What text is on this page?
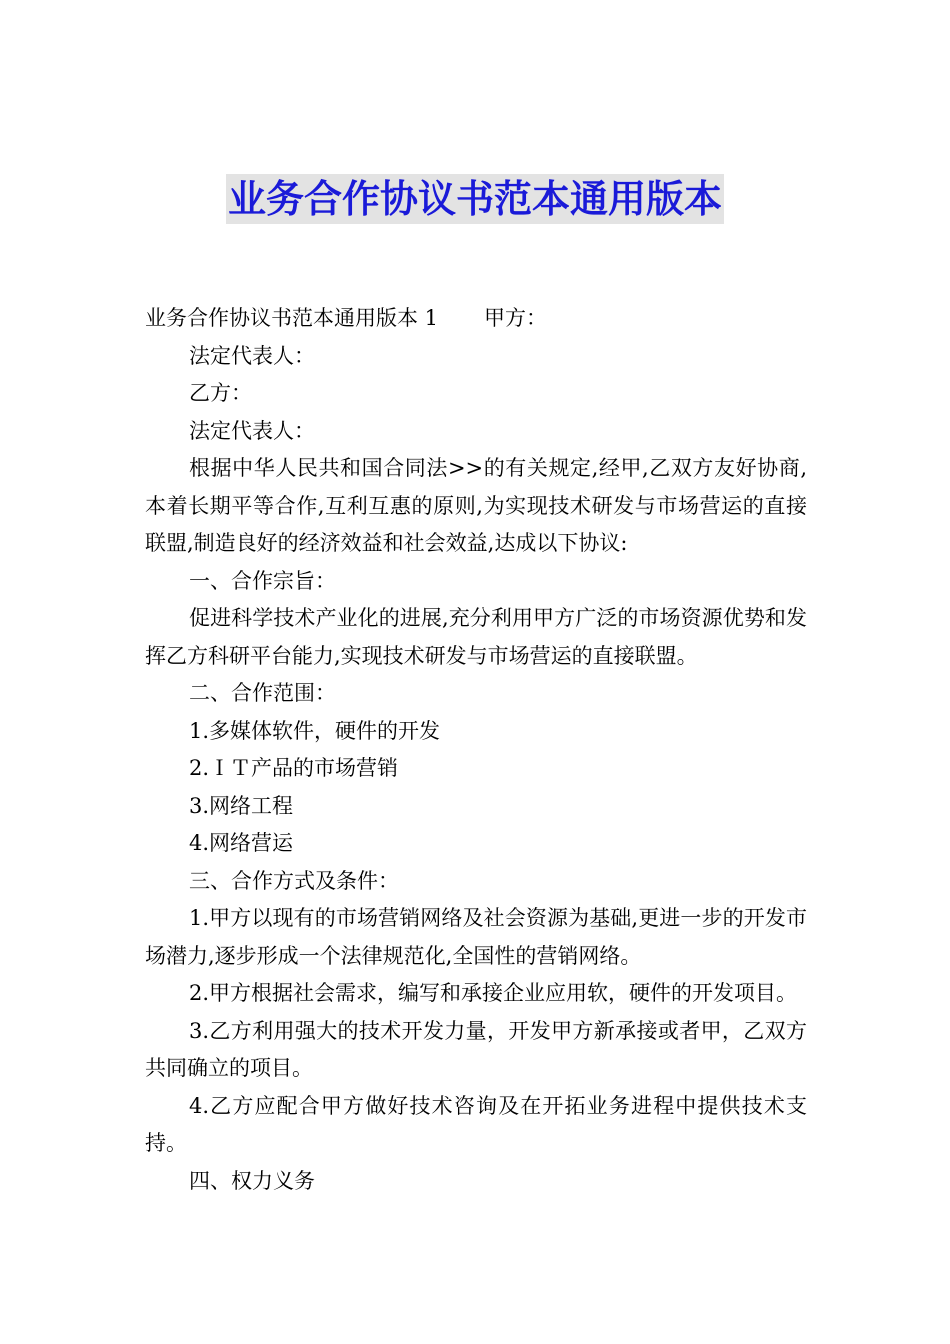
业务合作协议书范本通用版本

业务合作协议书范本通用版本 1 甲方：

法定代表人：

乙方：

法定代表人：

根据中华人民共和国合同法>>的有关规定,经甲,乙双方友好协商,本着长期平等合作,互利互惠的原则,为实现技术研发与市场营运的直接联盟,制造良好的经济效益和社会效益,达成以下协议:

一、合作宗旨：

促进科学技术产业化的进展,充分利用甲方广泛的市场资源优势和发挥乙方科研平台能力,实现技术研发与市场营运的直接联盟。

二、合作范围：

1.多媒体软件，硬件的开发

2.ＩＴ产品的市场营销

3.网络工程

4.网络营运

三、合作方式及条件：

1.甲方以现有的市场营销网络及社会资源为基础,更进一步的开发市场潜力,逐步形成一个法律规范化,全国性的营销网络。

2.甲方根据社会需求，编写和承接企业应用软，硬件的开发项目。

3.乙方利用强大的技术开发力量，开发甲方新承接或者甲，乙双方共同确立的项目。

4.乙方应配合甲方做好技术咨询及在开拓业务进程中提供技术支持。

四、权力义务
